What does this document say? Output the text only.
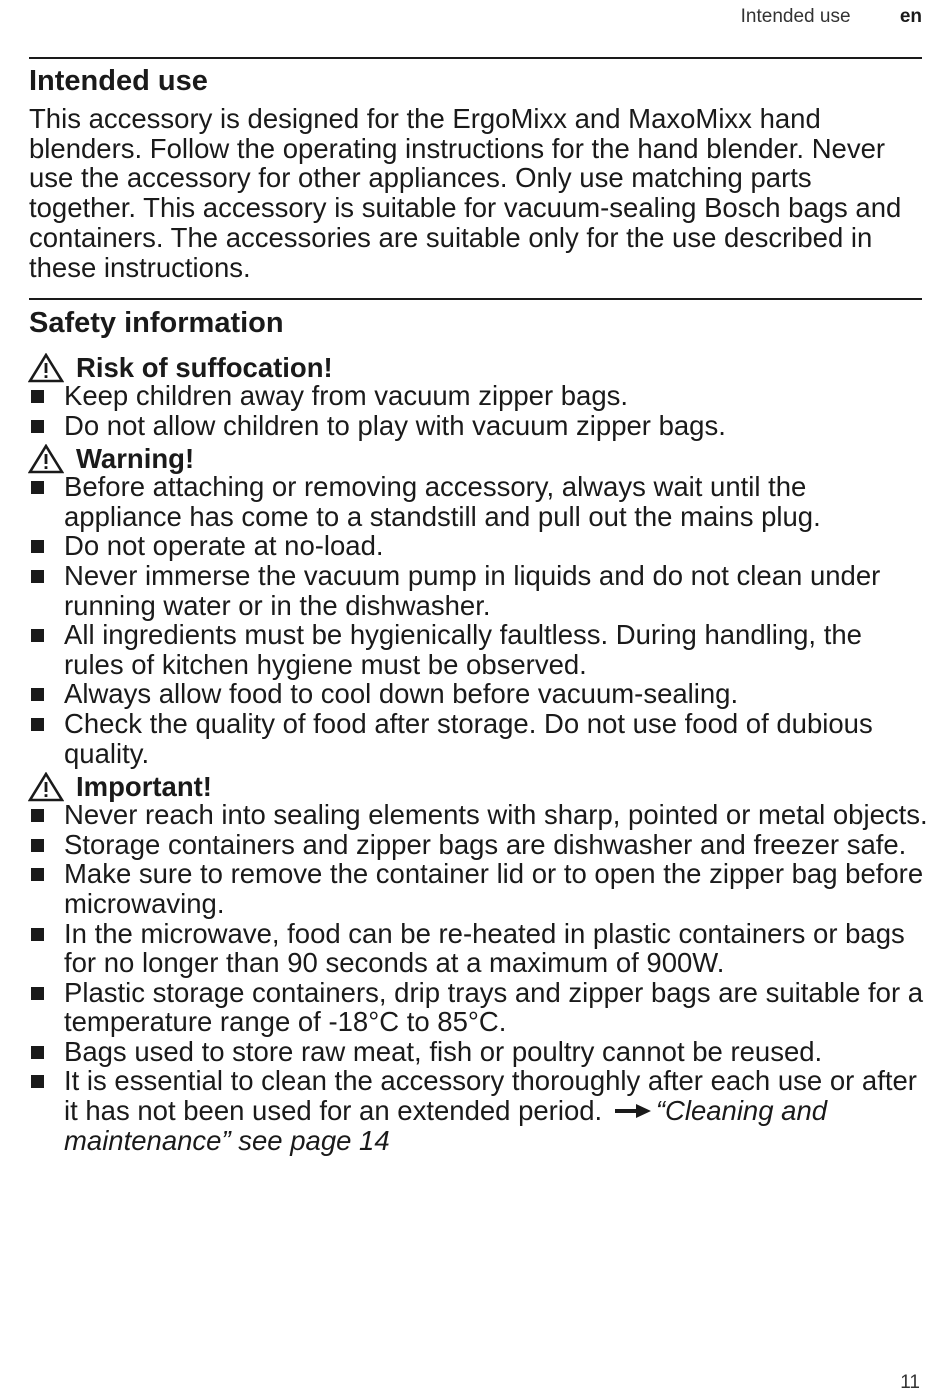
Intended use	en
Intended use

This accessory is designed for the ErgoMixx and MaxoMixx hand blenders. Follow the operating instructions for the hand blender. Never use the accessory for other appliances. Only use matching parts together. This accessory is suitable for vacuum-sealing Bosch bags and containers. The accessories are suitable only for the use described in these instructions.

Safety information
Risk of suffocation!
Keep children away from vacuum zipper bags.
Do not allow children to play with vacuum zipper bags.
Warning!
Before attaching or removing accessory, always wait until the appliance has come to a standstill and pull out the mains plug.
Do not operate at no-load.
Never immerse the vacuum pump in liquids and do not clean under running water or in the dishwasher.
All ingredients must be hygienically faultless. During handling, the rules of kitchen hygiene must be observed.
Always allow food to cool down before vacuum-sealing.
Check the quality of food after storage. Do not use food of dubious quality.
Important!
Never reach into sealing elements with sharp, pointed or metal objects.
Storage containers and zipper bags are dishwasher and freezer safe.
Make sure to remove the container lid or to open the zipper bag before microwaving.
In the microwave, food can be re-heated in plastic containers or bags for no longer than 90 seconds at a maximum of 900W.
Plastic storage containers, drip trays and zipper bags are suitable for a temperature range of -18°C to 85°C.
Bags used to store raw meat, fish or poultry cannot be reused.
It is essential to clean the accessory thoroughly after each use or after it has not been used for an extended period. “Cleaning and maintenance” see page 14
11
